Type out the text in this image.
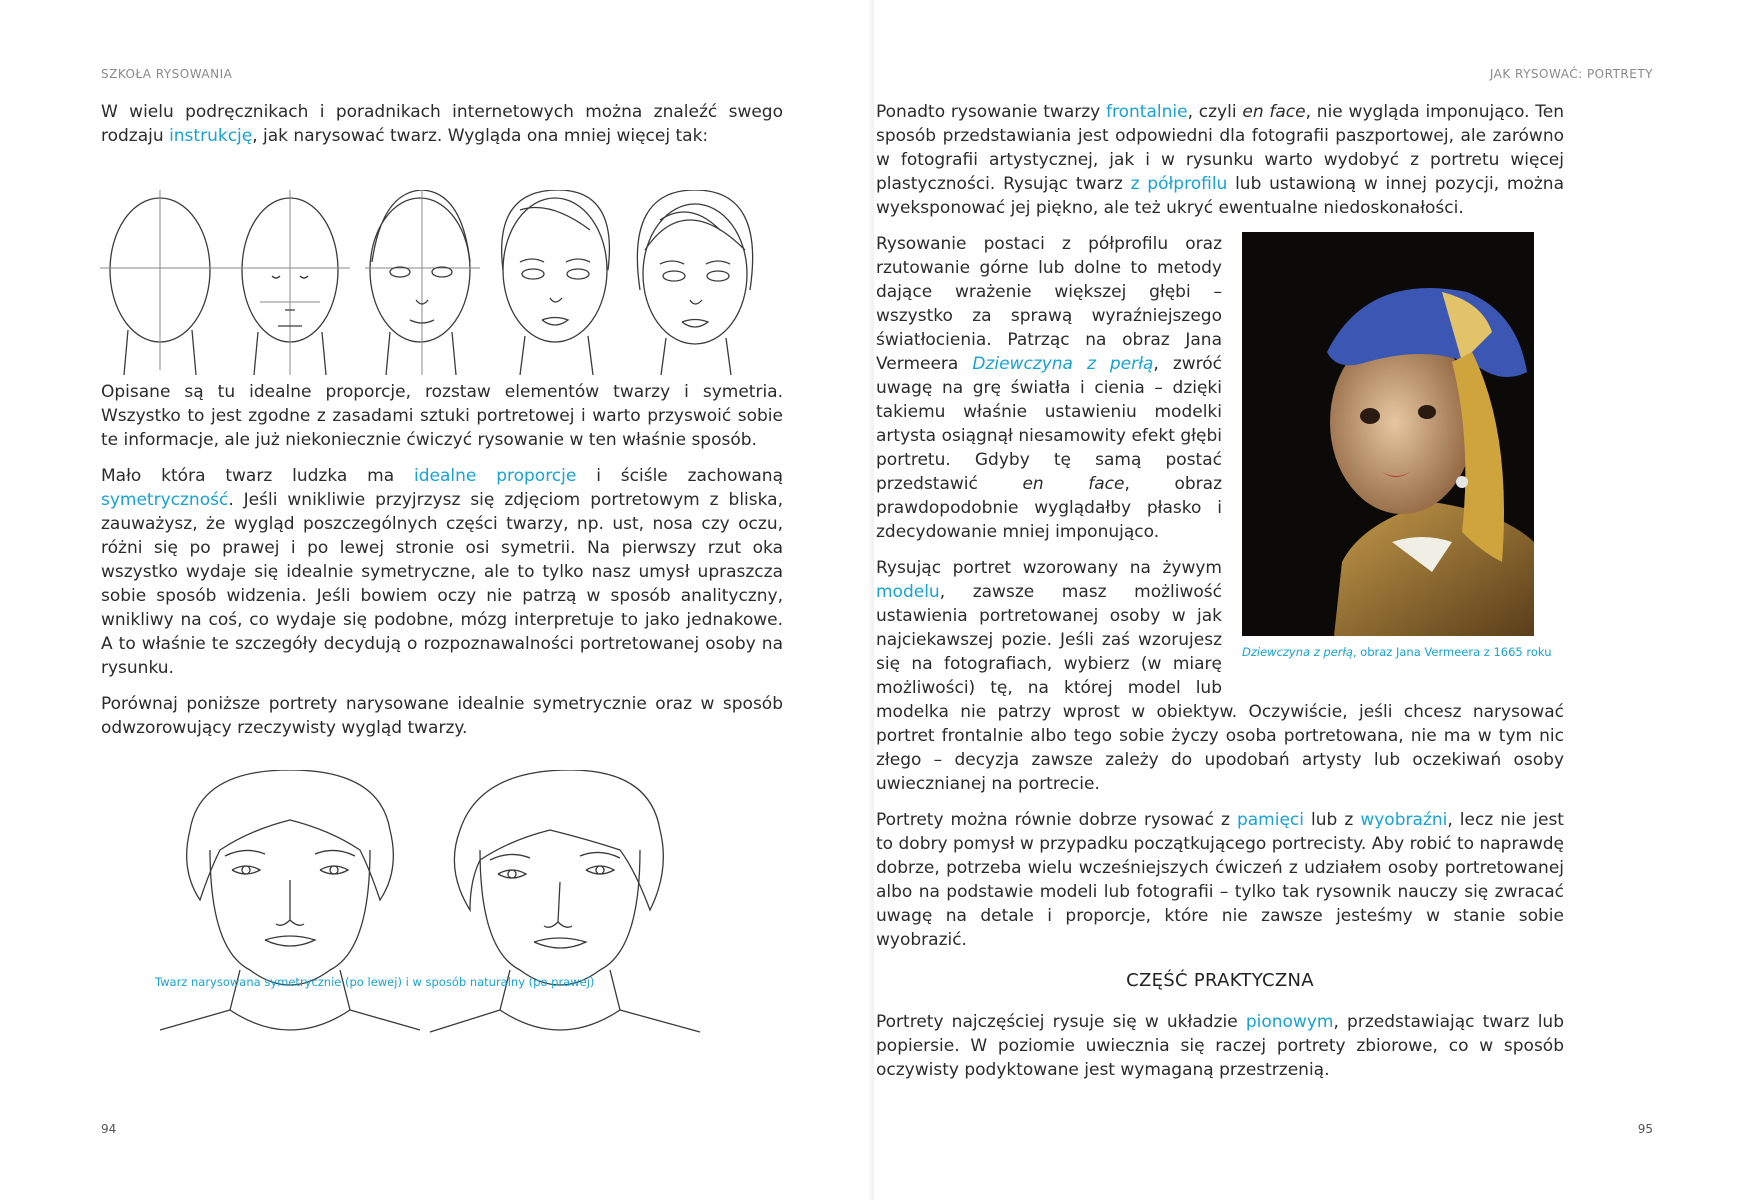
SZKOŁA RYSOWANIA

W wielu podręcznikach i poradnikach internetowych można znaleźć swego rodzaju instrukcję, jak narysować twarz. Wygląda ona mniej więcej tak:

Opisane są tu idealne proporcje, rozstaw elementów twarzy i symetria. Wszystko to jest zgodne z zasadami sztuki portretowej i warto przyswoić sobie te informacje, ale już niekoniecznie ćwiczyć rysowanie w ten właśnie sposób.

Mało która twarz ludzka ma idealne proporcje i ściśle zachowaną symetryczność. Jeśli wnikliwie przyjrzysz się zdjęciom portretowym z bliska, zauważysz, że wygląd poszczególnych części twarzy, np. ust, nosa czy oczu, różni się po prawej i po lewej stronie osi symetrii. Na pierwszy rzut oka wszystko wydaje się idealnie symetryczne, ale to tylko nasz umysł upraszcza sobie sposób widzenia. Jeśli bowiem oczy nie patrzą w sposób analityczny, wnikliwy na coś, co wydaje się podobne, mózg interpretuje to jako jednakowe. A to właśnie te szczegóły decydują o rozpoznawalności portretowanej osoby na rysunku.

Porównaj poniższe portrety narysowane idealnie symetrycznie oraz w sposób odwzorowujący rzeczywisty wygląd twarzy.

Twarz narysowana symetrycznie (po lewej) i w sposób naturalny (po prawej)
94
JAK RYSOWAĆ: PORTRETY

Ponadto rysowanie twarzy frontalnie, czyli en face, nie wygląda imponująco. Ten sposób przedstawiania jest odpowiedni dla fotografii paszportowej, ale zarówno w fotografii artystycznej, jak i w rysunku warto wydobyć z portretu więcej plastyczności. Rysując twarz z półprofilu lub ustawioną w innej pozycji, można wyeksponować jej piękno, ale też ukryć ewentualne niedoskonałości.

Dziewczyna z perłą, obraz Jana Vermeera z 1665 roku

Rysowanie postaci z półprofilu oraz rzutowanie górne lub dolne to metody dające wrażenie większej głębi – wszystko za sprawą wyraźniejszego światłocienia. Patrząc na obraz Jana Vermeera Dziewczyna z perłą, zwróć uwagę na grę światła i cienia – dzięki takiemu właśnie ustawieniu modelki artysta osiągnął niesamowity efekt głębi portretu. Gdyby tę samą postać przedstawić en face, obraz prawdopodobnie wyglądałby płasko i zdecydowanie mniej imponująco.

Rysując portret wzorowany na żywym modelu, zawsze masz możliwość ustawienia portretowanej osoby w jak najciekawszej pozie. Jeśli zaś wzorujesz się na fotografiach, wybierz (w miarę możliwości) tę, na której model lub modelka nie patrzy wprost w obiektyw. Oczywiście, jeśli chcesz narysować portret frontalnie albo tego sobie życzy osoba portretowana, nie ma w tym nic złego – decyzja zawsze zależy do upodobań artysty lub oczekiwań osoby uwiecznianej na portrecie.

Portrety można równie dobrze rysować z pamięci lub z wyobraźni, lecz nie jest to dobry pomysł w przypadku początkującego portrecisty. Aby robić to naprawdę dobrze, potrzeba wielu wcześniejszych ćwiczeń z udziałem osoby portretowanej albo na podstawie modeli lub fotografii – tylko tak rysownik nauczy się zwracać uwagę na detale i proporcje, które nie zawsze jesteśmy w stanie sobie wyobrazić.

CZĘŚĆ PRAKTYCZNA

Portrety najczęściej rysuje się w układzie pionowym, przedstawiając twarz lub popiersie. W poziomie uwiecznia się raczej portrety zbiorowe, co w sposób oczywisty podyktowane jest wymaganą przestrzenią.

95
